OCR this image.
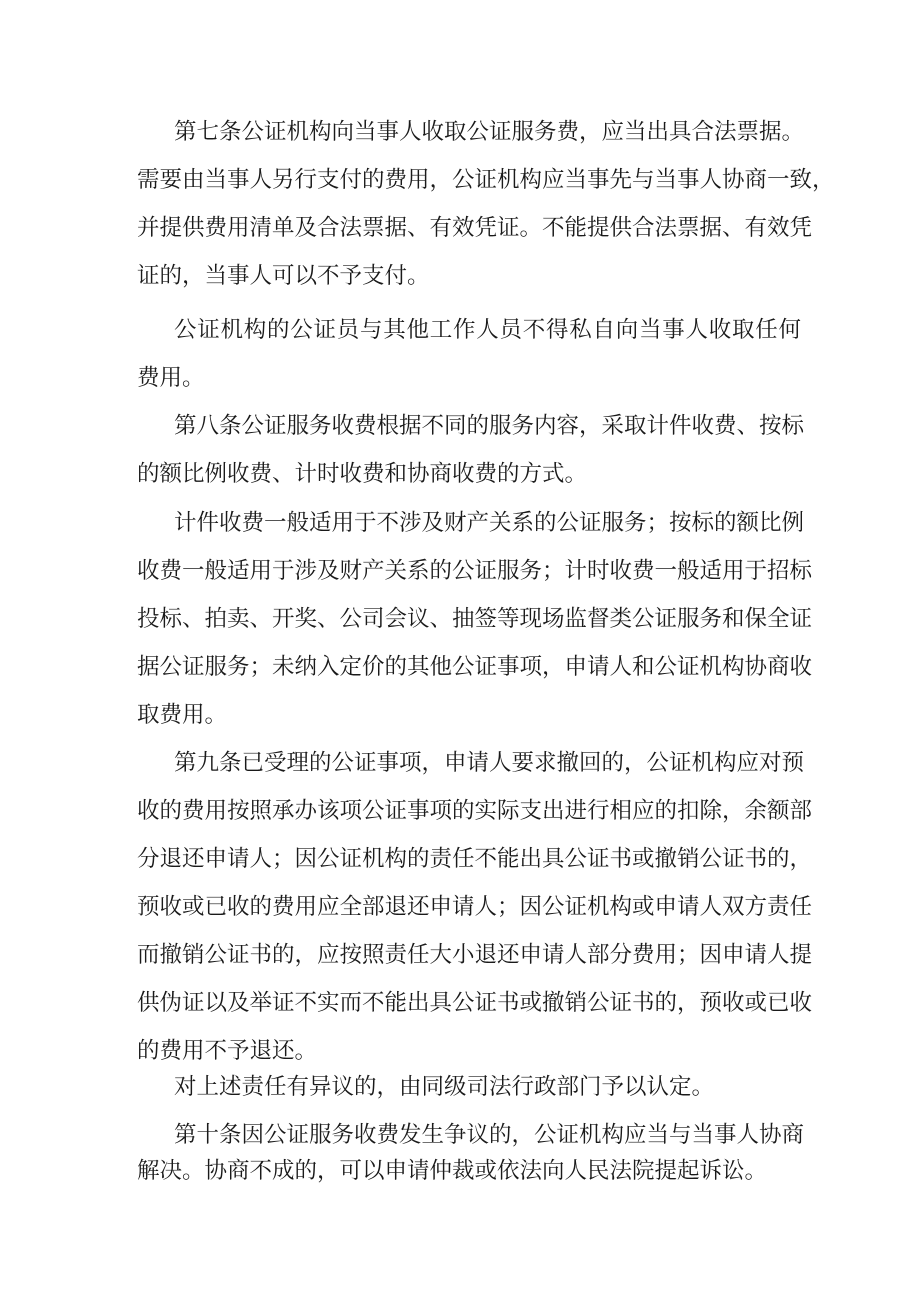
第七条公证机构向当事人收取公证服务费，应当出具合法票据。
需要由当事人另行支付的费用，公证机构应当事先与当事人协商一致，
并提供费用清单及合法票据、有效凭证。不能提供合法票据、有效凭
证的，当事人可以不予支付。
公证机构的公证员与其他工作人员不得私自向当事人收取任何
费用。
第八条公证服务收费根据不同的服务内容，采取计件收费、按标
的额比例收费、计时收费和协商收费的方式。
计件收费一般适用于不涉及财产关系的公证服务；按标的额比例
收费一般适用于涉及财产关系的公证服务；计时收费一般适用于招标
投标、拍卖、开奖、公司会议、抽签等现场监督类公证服务和保全证
据公证服务；未纳入定价的其他公证事项，申请人和公证机构协商收
取费用。
第九条已受理的公证事项，申请人要求撤回的，公证机构应对预
收的费用按照承办该项公证事项的实际支出进行相应的扣除，余额部
分退还申请人；因公证机构的责任不能出具公证书或撤销公证书的，
预收或已收的费用应全部退还申请人；因公证机构或申请人双方责任
而撤销公证书的，应按照责任大小退还申请人部分费用；因申请人提
供伪证以及举证不实而不能出具公证书或撤销公证书的，预收或已收
的费用不予退还。
对上述责任有异议的，由同级司法行政部门予以认定。
第十条因公证服务收费发生争议的，公证机构应当与当事人协商
解决。协商不成的，可以申请仲裁或依法向人民法院提起诉讼。
